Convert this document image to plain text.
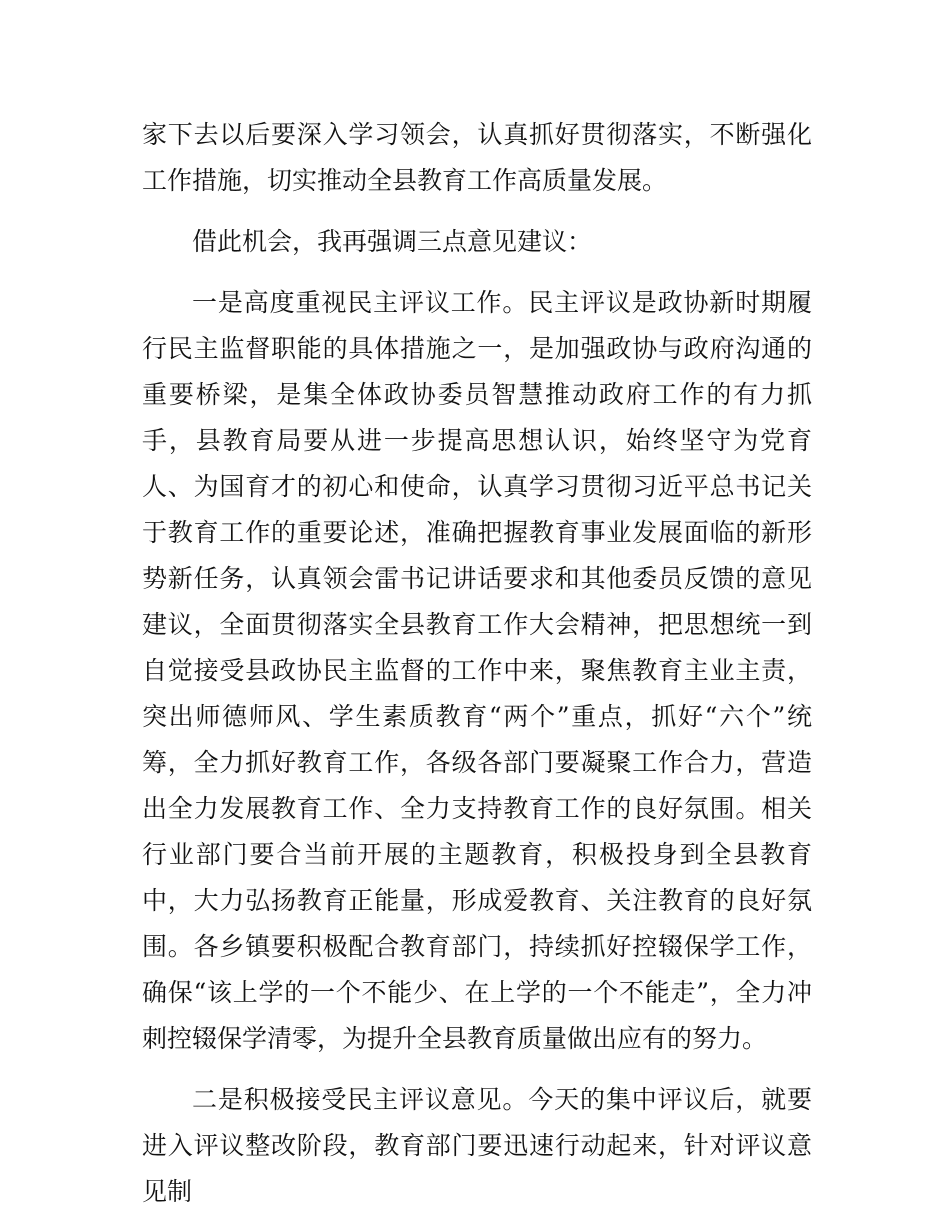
家下去以后要深入学习领会，认真抓好贯彻落实，不断强化工作措施，切实推动全县教育工作高质量发展。

借此机会，我再强调三点意见建议：

一是高度重视民主评议工作。民主评议是政协新时期履行民主监督职能的具体措施之一，是加强政协与政府沟通的重要桥梁，是集全体政协委员智慧推动政府工作的有力抓手，县教育局要从进一步提高思想认识，始终坚守为党育人、为国育才的初心和使命，认真学习贯彻习近平总书记关于教育工作的重要论述，准确把握教育事业发展面临的新形势新任务，认真领会雷书记讲话要求和其他委员反馈的意见建议，全面贯彻落实全县教育工作大会精神，把思想统一到自觉接受县政协民主监督的工作中来，聚焦教育主业主责，突出师德师风、学生素质教育“两个”重点，抓好“六个”统筹，全力抓好教育工作，各级各部门要凝聚工作合力，营造出全力发展教育工作、全力支持教育工作的良好氛围。相关行业部门要合当前开展的主题教育，积极投身到全县教育中，大力弘扬教育正能量，形成爱教育、关注教育的良好氛围。各乡镇要积极配合教育部门，持续抓好控辍保学工作，确保“该上学的一个不能少、在上学的一个不能走”，全力冲刺控辍保学清零，为提升全县教育质量做出应有的努力。

二是积极接受民主评议意见。今天的集中评议后，就要进入评议整改阶段，教育部门要迅速行动起来，针对评议意见制
